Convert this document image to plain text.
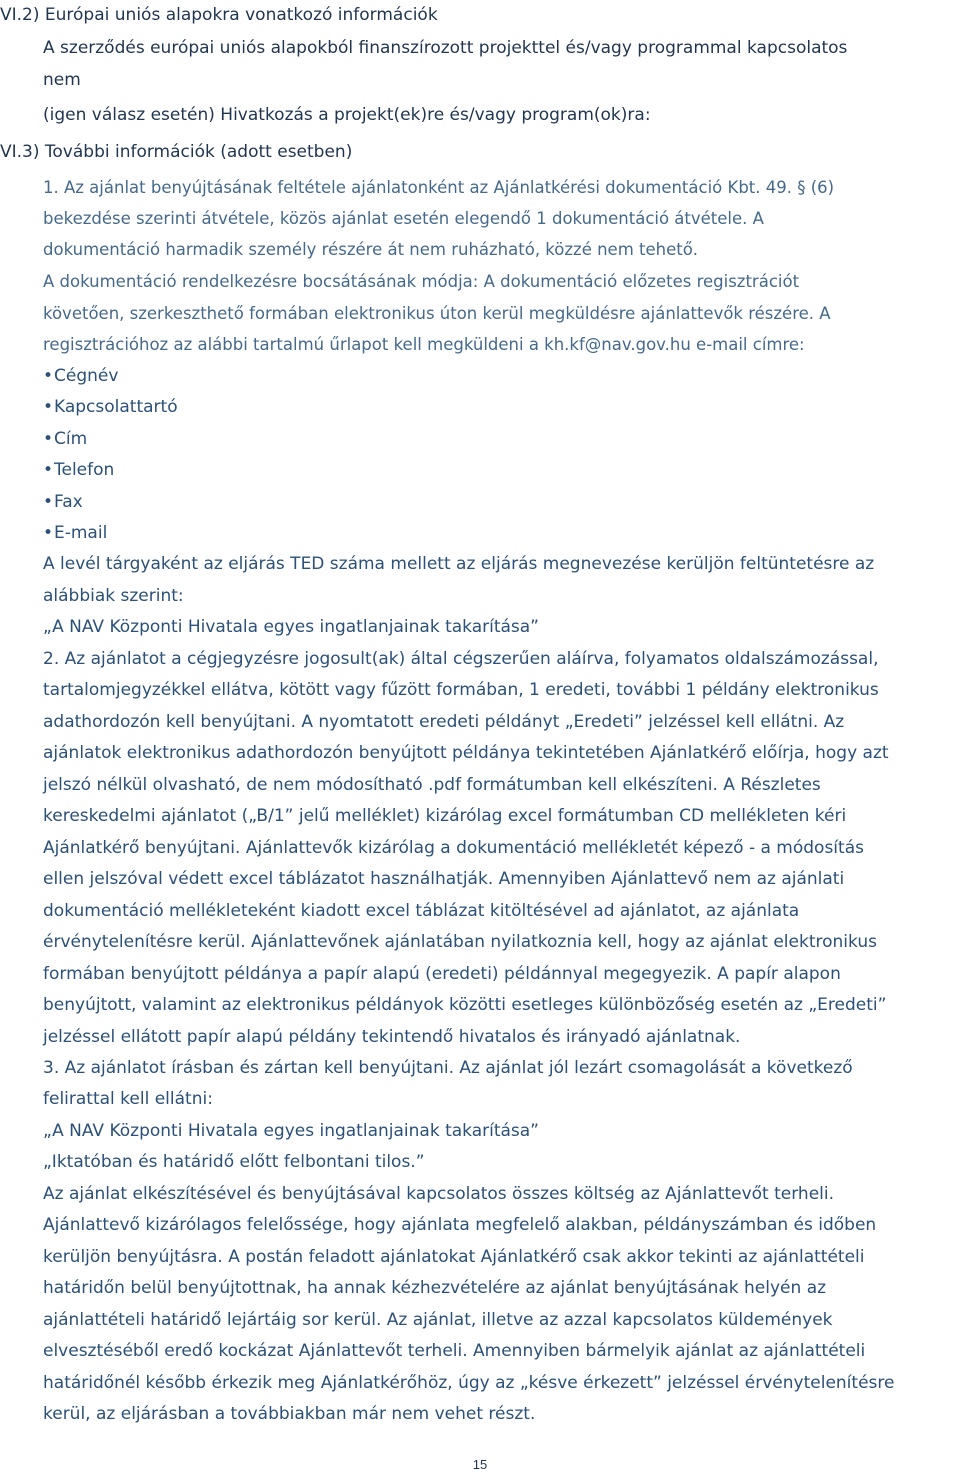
VI.2) Európai uniós alapokra vonatkozó információk
A szerződés európai uniós alapokból finanszírozott projekttel és/vagy programmal kapcsolatos
nem
(igen válasz esetén) Hivatkozás a projekt(ek)re és/vagy program(ok)ra:
VI.3) További információk (adott esetben)
1. Az ajánlat benyújtásának feltétele ajánlatonként az Ajánlatkérési dokumentáció Kbt. 49. § (6)
bekezdése szerinti átvétele, közös ajánlat esetén elegendő 1 dokumentáció átvétele. A
dokumentáció harmadik személy részére át nem ruházható, közzé nem tehető.
A dokumentáció rendelkezésre bocsátásának módja: A dokumentáció előzetes regisztrációt
követően, szerkeszthető formában elektronikus úton kerül megküldésre ajánlattevők részére. A
regisztrációhoz az alábbi tartalmú űrlapot kell megküldeni a kh.kf@nav.gov.hu e-mail címre:
• Cégnév
• Kapcsolattartó
• Cím
• Telefon
• Fax
• E-mail
A levél tárgyaként az eljárás TED száma mellett az eljárás megnevezése kerüljön feltüntetésre az
alábbiak szerint:
„A NAV Központi Hivatala egyes ingatlanjainak takarítása”
2. Az ajánlatot a cégjegyzésre jogosult(ak) által cégszerűen aláírva, folyamatos oldalszámozással,
tartalomjegyzékkel ellátva, kötött vagy fűzött formában, 1 eredeti, további 1 példány elektronikus
adathordozón kell benyújtani. A nyomtatott eredeti példányt „Eredeti” jelzéssel kell ellátni. Az
ajánlatok elektronikus adathordozón benyújtott példánya tekintetében Ajánlatkérő előírja, hogy azt
jelszó nélkül olvasható, de nem módosítható .pdf formátumban kell elkészíteni. A Részletes
kereskedelmi ajánlatot („B/1” jelű melléklet) kizárólag excel formátumban CD mellékleten kéri
Ajánlatkérő benyújtani. Ajánlattevők kizárólag a dokumentáció mellékletét képező - a módosítás
ellen jelszóval védett excel táblázatot használhatják. Amennyiben Ajánlattevő nem az ajánlati
dokumentáció mellékleteként kiadott excel táblázat kitöltésével ad ajánlatot, az ajánlata
érvénytelenítésre kerül. Ajánlattevőnek ajánlatában nyilatkoznia kell, hogy az ajánlat elektronikus
formában benyújtott példánya a papír alapú (eredeti) példánnyal megegyezik. A papír alapon
benyújtott, valamint az elektronikus példányok közötti esetleges különbözőség esetén az „Eredeti”
jelzéssel ellátott papír alapú példány tekintendő hivatalos és irányadó ajánlatnak.
3. Az ajánlatot írásban és zártan kell benyújtani. Az ajánlat jól lezárt csomagolását a következő
felirattal kell ellátni:
„A NAV Központi Hivatala egyes ingatlanjainak takarítása”
„Iktatóban és határidő előtt felbontani tilos.”
Az ajánlat elkészítésével és benyújtásával kapcsolatos összes költség az Ajánlattevőt terheli.
Ajánlattevő kizárólagos felelőssége, hogy ajánlata megfelelő alakban, példányszámban és időben
kerüljön benyújtásra. A postán feladott ajánlatokat Ajánlatkérő csak akkor tekinti az ajánlattételi
határidőn belül benyújtottnak, ha annak kézhezvételére az ajánlat benyújtásának helyén az
ajánlattételi határidő lejártáig sor kerül. Az ajánlat, illetve az azzal kapcsolatos küldemények
elvesztéséből eredő kockázat Ajánlattevőt terheli. Amennyiben bármelyik ajánlat az ajánlattételi
határidőnél később érkezik meg Ajánlatkérőhöz, úgy az „késve érkezett” jelzéssel érvénytelenítésre
kerül, az eljárásban a továbbiakban már nem vehet részt.
15
